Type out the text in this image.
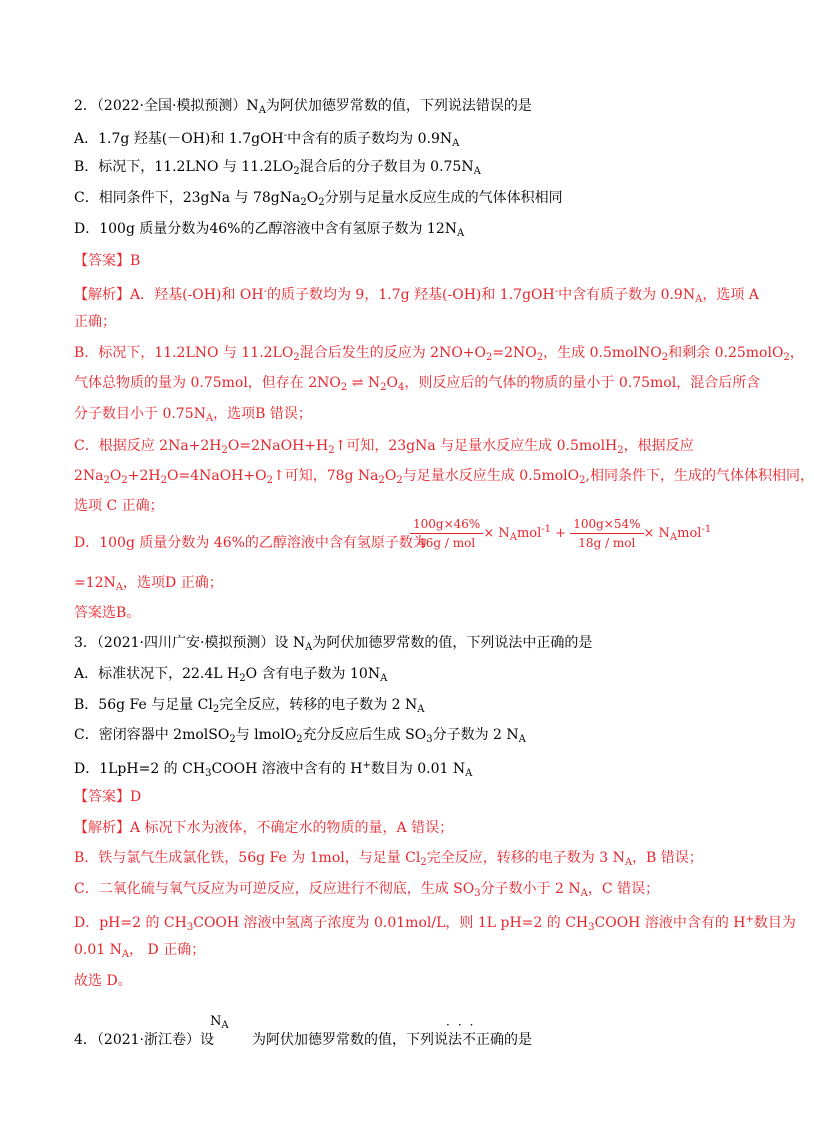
2．（2022·全国·模拟预测）$N_A$为阿伏加德罗常数的值，下列说法错误的是
A．1.7g 羟基(－OH)和 1.7gOH-中含有的质子数均为 $0.9N_A$
B．标况下，11.2LNO 与 $11.2LO_2$混合后的分子数目为 $0.75N_A$
C．相同条件下，23gNa 与 $78gNa_2O_2$分别与足量水反应生成的气体体积相同
D．100g 质量分数为46%的乙醇溶液中含有氢原子数为 $12N_A$
【答案】B
【解析】A．羟基(-OH)和 OH-的质子数均为 9，1.7g 羟基(-OH)和 1.7gOH-中含有质子数为 $0.9N_A$，选项 A
正确；
B．标况下，11.2LNO 与 $11.2LO_2$混合后发生的反应为 $2NO+O_2=2NO_2$，生成 0.5molNO$_2$和剩余 0.25molO$_2$，
气体总物质的量为 0.75mol，但存在 $2NO_2$ ⇌ $N_2O_4$，则反应后的气体的物质的量小于 0.75mol，混合后所含
分子数目小于 $0.75N_A$，选项B 错误；
C．根据反应 $2Na+2H_2O=2NaOH+H_2↑$可知，23gNa 与足量水反应生成 0.5molH$_2$，根据反应
$2Na_2O_2+2H_2O=4NaOH+O_2↑$可知，78g $Na_2O_2$与足量水反应生成 0.5molO$_2$,相同条件下，生成的气体体积相同，
选项 C 正确；
D．100g 质量分数为 46%的乙醇溶液中含有氢原子数为
$\frac{100g\times 46\%}{\text{46g / mol}} \times N_Amol^{-1} + \frac{100g\times 54\%}{\text{18g / mol}} \times N_Amol^{-1}$
$=12N_A$，选项D 正确；
答案选B。
3．（2021·四川广安·模拟预测）设 $N_A$为阿伏加德罗常数的值，下列说法中正确的是
A．标准状况下，22.4L $H_2O$ 含有电子数为 $10N_A$
B．56g Fe 与足量 $Cl_2$完全反应，转移的电子数为 2 $N_A$
C．密闭容器中 2molSO$_2$与 lmolO$_2$充分反应后生成 $SO_3$分子数为 2 $N_A$
D．1LpH=2 的 $CH_3COOH$ 溶液中含有的 H+数目为 0.01 $N_A$
【答案】D
【解析】A 标况下水为液体，不确定水的物质的量，A 错误；
B．铁与氯气生成氯化铁，56g Fe 为 1mol，与足量 $Cl_2$完全反应，转移的电子数为 3 $N_A$，B 错误；
C．二氧化硫与氧气反应为可逆反应，反应进行不彻底，生成 $SO_3$分子数小于 2 $N_A$，C 错误；
D．pH=2 的 $CH_3COOH$ 溶液中氢离子浓度为 0.01mol/L，则 1L pH=2 的 $CH_3COOH$ 溶液中含有的 H+数目为
0.01 $N_A$， D 正确；
故选 D。
$N_A$	···
4．（2021·浙江卷）设	为阿伏加德罗常数的值，下列说法不正确的是
